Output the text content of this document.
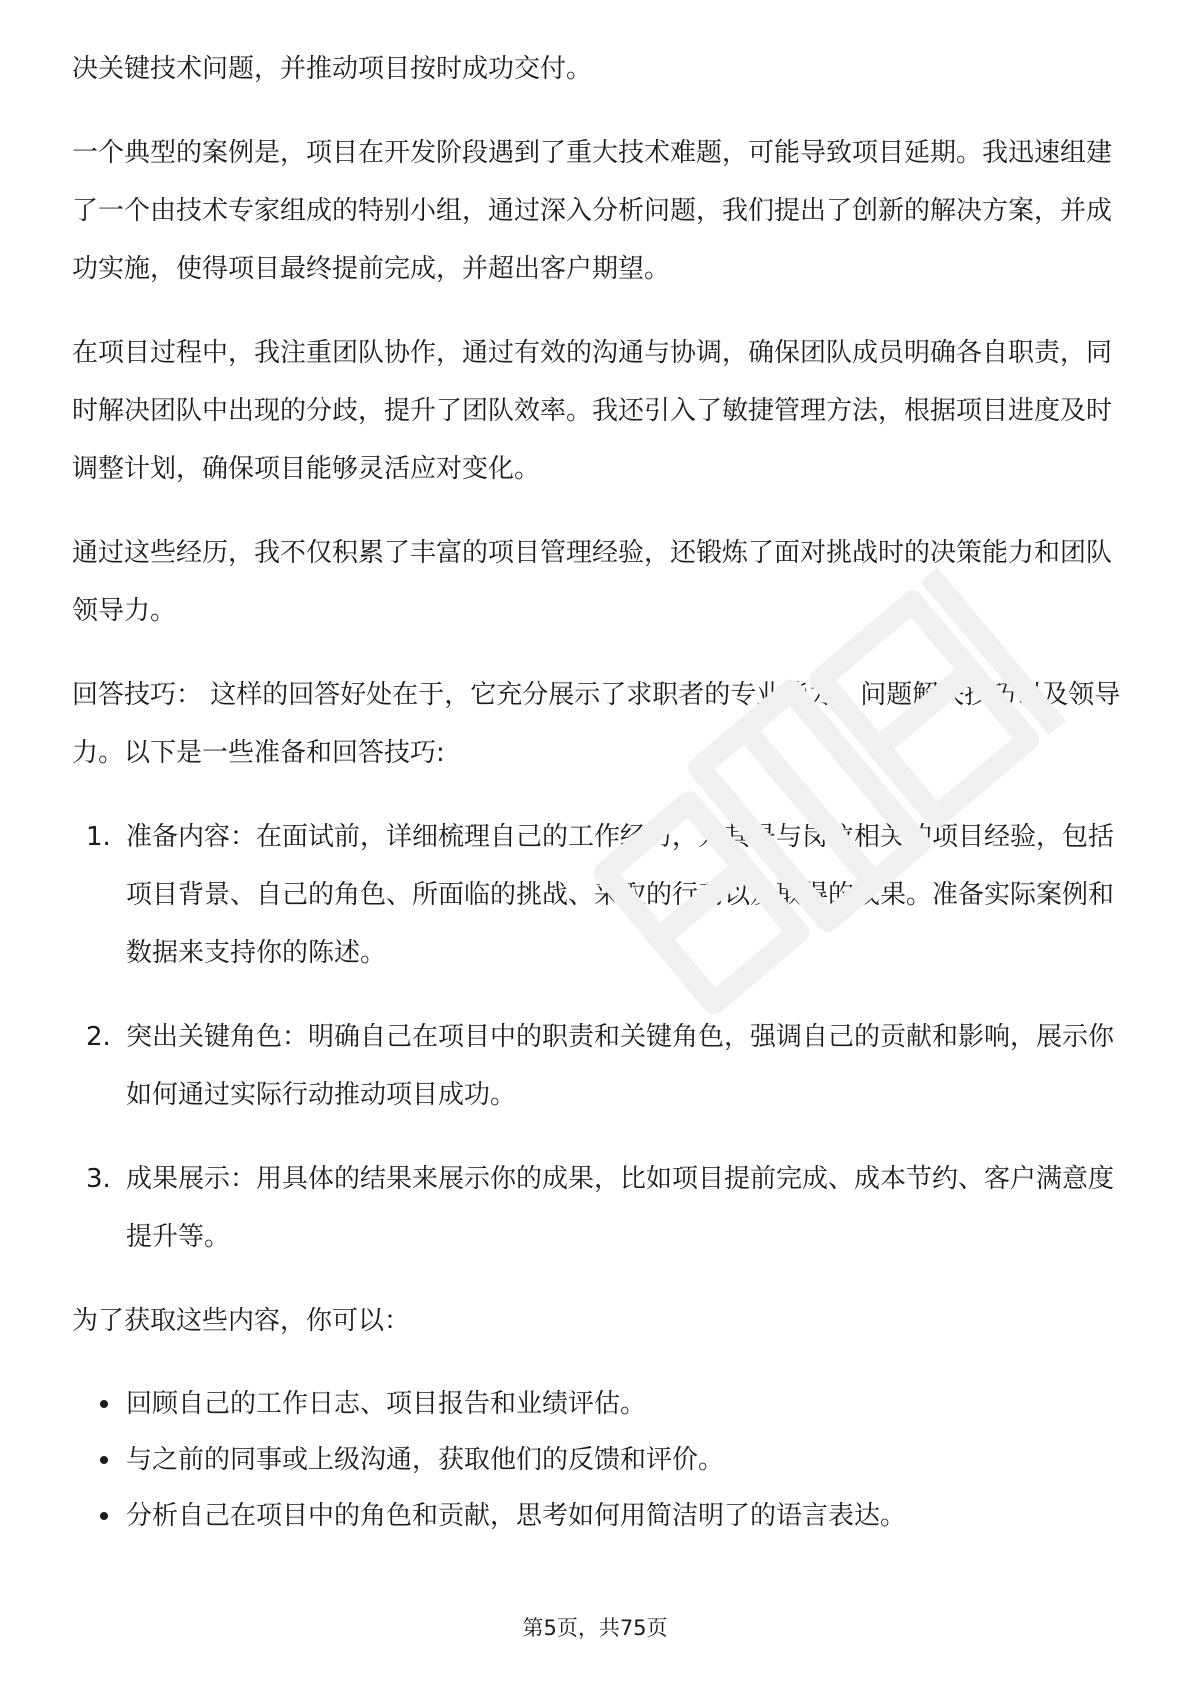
决关键技术问题，并推动项目按时成功交付。

一个典型的案例是，项目在开发阶段遇到了重大技术难题，可能导致项目延期。我迅速组建了一个由技术专家组成的特别小组，通过深入分析问题，我们提出了创新的解决方案，并成功实施，使得项目最终提前完成，并超出客户期望。

在项目过程中，我注重团队协作，通过有效的沟通与协调，确保团队成员明确各自职责，同时解决团队中出现的分歧，提升了团队效率。我还引入了敏捷管理方法，根据项目进度及时调整计划，确保项目能够灵活应对变化。

通过这些经历，我不仅积累了丰富的项目管理经验，还锻炼了面对挑战时的决策能力和团队领导力。

回答技巧： 这样的回答好处在于，它充分展示了求职者的专业能力、问题解决技巧以及领导力。以下是一些准备和回答技巧:

1. 准备内容：在面试前，详细梳理自己的工作经历，尤其是与岗位相关的项目经验，包括项目背景、自己的角色、所面临的挑战、采取的行动以及取得的成果。准备实际案例和数据来支持你的陈述。
2. 突出关键角色：明确自己在项目中的职责和关键角色，强调自己的贡献和影响，展示你如何通过实际行动推动项目成功。
3. 成果展示：用具体的结果来展示你的成果，比如项目提前完成、成本节约、客户满意度提升等。

为了获取这些内容，你可以：

回顾自己的工作日志、项目报告和业绩评估。
与之前的同事或上级沟通，获取他们的反馈和评价。
分析自己在项目中的角色和贡献，思考如何用简洁明了的语言表达。
第5页，共75页
